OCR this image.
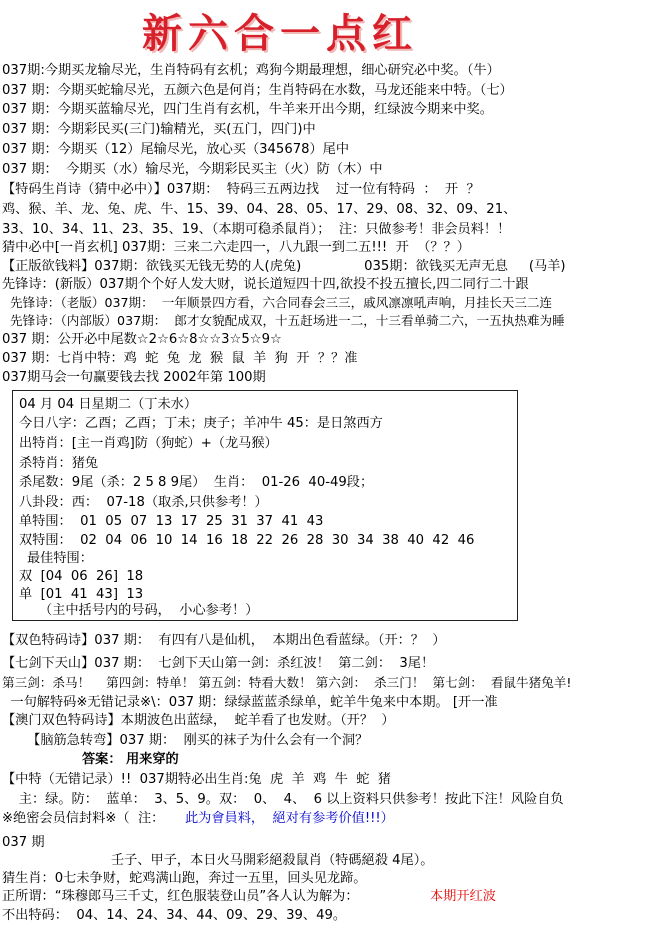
新六合一点红
037期:今期买龙输尽光，生肖特码有玄机；鸡狗今期最理想，细心研究必中奖。（牛）
037 期：今期买蛇输尽光，五颜六色是何肖；生肖特码在水数，马龙还能来中特。（七）
037 期：今期买蓝输尽光，四门生肖有玄机，牛羊来开出今期，红绿波今期来中奖。
037 期：今期彩民买(三门)输精光，买(五门，四门)中
037 期：今期买（12）尾输尽光，放心买（345678）尾中
037 期：  今期买（水）输尽光，今期彩民买主（火）防（木）中
【特码生肖诗（猜中必中）】037期：  特码三五两边找    过一位有特码  ：  开  ？
鸡、猴、羊、龙、兔、虎、牛、15、39、04、28、05、17、29、08、32、09、21、
33、10、34、11、23、35、19、（本期可稳杀鼠肖）；  注：只做参考！非会员料！！
猜中必中[一肖玄机] 037期：三来二六走四一，八九跟一到二五!!!  开  （？？）
【正版欲钱料】037期：欲钱买无钱无势的人(虎兔)               035期：欲钱买无声无息     (马羊)
先锋诗：(新版）037期个个好人发大财，说长道短四十四,欲投不投五擅长,四二同行二十跟
先锋诗：（老版）037期：  一年顺景四方看，六合同春会三三，戚风凛凛吼声响，月挂长天三二连
先锋诗：（内部版）037期：  郎才女貌配成双，十五赶场进一二，十三看单骑二六，一五执热难为睡
037 期：公开必中尾数☆2☆6☆8☆☆3☆5☆9☆
037 期：七肖中特：鸡  蛇  兔  龙  猴  鼠  羊  狗  开  ？？准
037期马会一句赢要钱去找 2002年第 100期
04 月 04 日星期二（丁未水）
今日八字：乙酉；乙酉；丁未；庚子；羊冲牛 45：是日煞西方
出特肖：[主一肖鸡]防（狗蛇）+（龙马猴）
杀特肖：猪兔
杀尾数：9尾（杀：2 5 8 9尾）  生肖：  01-26  40-49段；
八卦段：西：  07-18（取杀,只供参考！）
单特围：  01  05  07  13  17  25  31  37  41  43
双特围：  02  04  06  10  14  16  18  22  26  28  30  34  38  40  42  46
最佳特围：
双  [04  06  26]  18
单  [01  41  43]  13
（主中括号内的号码，  小心参考！）
【双色特码诗】037 期：  有四有八是仙机，  本期出色看蓝绿。（开：？  ）
【七剑下天山】037 期：  七剑下天山第一剑：杀红波！  第二剑：  3尾！
第三剑：杀马！    第四剑：特单！ 第五剑：特看大数！ 第六剑：  杀三门！  第七剑：  看鼠牛猪兔羊!
一句解特码※无错记录※\：037 期：绿绿蓝蓝杀绿单，蛇羊牛兔来中本期。 [开一准
【澳门双色特码诗】本期波色出蓝绿，  蛇羊看了也发财。（开？  ）
【脑筋急转弯】037 期：  刚买的袜子为什么会有一个洞？
答案： 用来穿的
【中特（无错记录）!!  037期特必出生肖:兔  虎  羊  鸡  牛  蛇  猪
主：绿。防：  蓝单：  3、5、9。双：  0、  4、  6 以上资料只供参考！按此下注！风险自负
※绝密会员信封料※（  注： 此为會員料，  絕对有参考价值!!!）
037 期
壬子、甲子，本日火马開彩絕殺鼠肖（特碼絕殺 4尾）。
猜生肖：0七未争财，蛇鸡满山跑，奔过一五里，回头见龙蹄。
正所谓：“珠穆郎马三千丈，红色服装登山员”各人认为解为：	本期开红波
不出特码：  04、14、24、34、44、09、29、39、49。
